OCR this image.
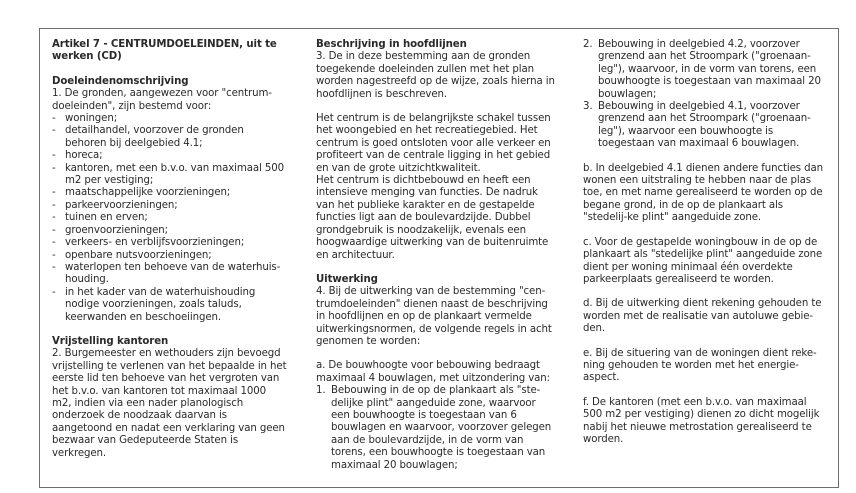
Artikel 7 - CENTRUMDOELEINDEN, uit te werken (CD)

Doeleindenomschrijving

1. De gronden, aangewezen voor "centrum-doeleinden", zijn bestemd voor:

- woningen;
- detailhandel, voorzover de gronden behoren bij deelgebied 4.1;
- horeca;
- kantoren, met een b.v.o. van maximaal 500 m2 per vestiging;
- maatschappelijke voorzieningen;
- parkeervoorzieningen;
- tuinen en erven;
- groenvoorzieningen;
- verkeers- en verblijfsvoorzieningen;
- openbare nutsvoorzieningen;
- waterlopen ten behoeve van de waterhuis-houding.
- in het kader van de waterhuishouding nodige voorzieningen, zoals taluds, keerwanden en beschoeiingen.

Vrijstelling kantoren

2. Burgemeester en wethouders zijn bevoegd vrijstelling te verlenen van het bepaalde in het eerste lid ten behoeve van het vergroten van het b.v.o. van kantoren tot maximaal 1000 m2, indien via een nader planologisch onderzoek de noodzaak daarvan is aangetoond en nadat een verklaring van geen bezwaar van Gedeputeerde Staten is verkregen.

Beschrijving in hoofdlijnen

3. De in deze bestemming aan de gronden toegekende doeleinden zullen met het plan worden nagestreefd op de wijze, zoals hierna in hoofdlijnen is beschreven.

Het centrum is de belangrijkste schakel tussen het woongebied en het recreatiegebied. Het centrum is goed ontsloten voor alle verkeer en profiteert van de centrale ligging in het gebied en van de grote uitzichtkwaliteit.

Het centrum is dichtbebouwd en heeft een intensieve menging van functies. De nadruk van het publieke karakter en de gestapelde functies ligt aan de boulevardzijde. Dubbel grondgebruik is noodzakelijk, evenals een hoogwaardige uitwerking van de buitenruimte en architectuur.

Uitwerking

4. Bij de uitwerking van de bestemming "cen-trumdoeleinden" dienen naast de beschrijving in hoofdlijnen en op de plankaart vermelde uitwerkingsnormen, de volgende regels in acht genomen te worden:

a. De bouwhoogte voor bebouwing bedraagt maximaal 4 bouwlagen, met uitzondering van:

1. Bebouwing in de op de plankaart als "ste-delijke plint" aangeduide zone, waarvoor een bouwhoogte is toegestaan van 6 bouwlagen en waarvoor, voorzover gelegen aan de boulevardzijde, in de vorm van torens, een bouwhoogte is toegestaan van maximaal 20 bouwlagen;
2. Bebouwing in deelgebied 4.2, voorzover grenzend aan het Stroompark ("groenaan-leg"), waarvoor, in de vorm van torens, een bouwhoogte is toegestaan van maximaal 20 bouwlagen;
3. Bebouwing in deelgebied 4.1, voorzover grenzend aan het Stroompark ("groenaan-leg"), waarvoor een bouwhoogte is toegestaan van maximaal 6 bouwlagen.

b. In deelgebied 4.1 dienen andere functies dan wonen een uitstraling te hebben naar de plas toe, en met name gerealiseerd te worden op de begane grond, in de op de plankaart als "stedelij-ke plint" aangeduide zone.

c. Voor de gestapelde woningbouw in de op de plankaart als "stedelijke plint" aangeduide zone dient per woning minimaal één overdekte parkeerplaats gerealiseerd te worden.

d. Bij de uitwerking dient rekening gehouden te worden met de realisatie van autoluwe gebie-den.

e. Bij de situering van de woningen dient reke-ning gehouden te worden met het energie-aspect.

f. De kantoren (met een b.v.o. van maximaal 500 m2 per vestiging) dienen zo dicht mogelijk nabij het nieuwe metrostation gerealiseerd te worden.
